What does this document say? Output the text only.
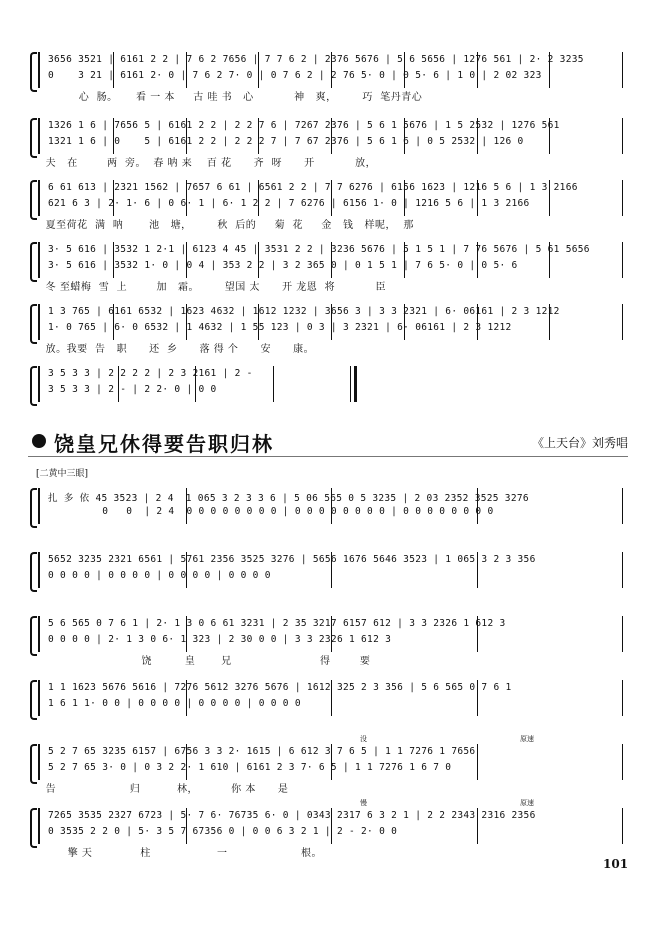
3656 3521 | 6161 2 2 | 7 6 2 7656 | 7 7 6 2 | 2376 5676 | 5 6 5656 | 1276 561 | 2· 2 3235
0    3 21 | 6161 2· 0 | 7 6 2 7· 0 | 0 7 6 2 | 2 76 5· 0 | 0 5· 6 | 1 0 | 2 02 323
心  肠。     看 一 本     古 哇 书   心           神   爽，       巧  笔丹青心
1326 1 6 | 7656 5 | 6161 2 2 | 2 2 7 6 | 7267 2376 | 5 6 1 5676 | 1 5 2532 | 1276 561
1321 1 6 | 0    5 | 6161 2 2 | 2 2 2 7 | 7 67 2376 | 5 6 1 6 | 0 5 2532 | 126 0
夫   在        两  旁。  春 呐 来    百 花      齐  呀      开           放，
6 61 613 | 2321 1562 | 7657 6 61 | 6561 2 2 | 7 7 6276 | 6156 1623 | 1216 5 6 | 1 3 2166
621 6 3 | 2· 1· 6 | 0 6· 1 | 6· 1 2 2 | 7 6276 | 6156 1· 0 | 1216 5 6 | 1 3 2166
夏至荷花  满  呐       池   塘，       秋  后的     菊  花     金   钱   样呢，  那
3· 5 616 | 3532 1 2·1 | 6123 4 45 | 3531 2 2 | 3236 5676 | 5 1 5 1 | 7 76 5676 | 5 61 5656
3· 5 616 | 3532 1· 0 | 0 4 | 353 2 2 | 3 2 365 0 | 0 1 5 1 | 7 6 5· 0 | 0 5· 6
冬 至蜡梅  雪  上        加   霜。       望国 太      开 龙恩  将           臣
1 3 765 | 6161 6532 | 1623 4632 | 1612 1232 | 3656 3 | 3 3 2321 | 6· 06161 | 2 3 1212
1· 0 765 | 6· 0 6532 | 1 4632 | 1 55 123 | 0 3 | 3 2321 | 6· 06161 | 2 3 1212
放。我要  告   职      还  乡      落 得 个      安      康。
3 5 3 3 | 2 2 2 2 | 2 3 2161 | 2 -
3 5 3 3 | 2 - | 2 2· 0 | 0 0
饶皇兄休得要告职归林	《上天台》刘秀唱
[二黄中三眼]
扎 多 依 45 3523 | 2 4  1 065 3 2 3 3 6 | 5 06 565 0 5 3235 | 2 03 2352 3525 3276
0   0  | 2 4  0 0 0 0 0 0 0 0 | 0 0 0 0 0 0 0 0 | 0 0 0 0 0 0 0 0
5652 3235 2321 6561 | 5761 2356 3525 3276 | 5656 1676 5646 3523 | 1 065 3 2 3 356
0 0 0 0 | 0 0 0 0 | 0 0 0 0 | 0 0 0 0
5 6 565 0 7 6 1 | 2· 1 3 0 6 61 3231 | 2 35 3217 6157 612 | 3 3 2326 1 612 3
0 0 0 0 | 2· 1 3 0 6· 1 323 | 2 30 0 0 | 3 3 2326 1 612 3
饶         皇       兄                        得        要
1 1 1623 5676 5616 | 7276 5612 3276 5676 | 1612 325 2 3 356 | 5 6 565 0 7 6 1
1 6 1 1· 0 0 | 0 0 0 0 | 0 0 0 0 | 0 0 0 0
5 2 7 65 3235 6157 | 6756 3 3 2· 1615 | 6 612 3 7 6 5 | 1 1 7276 1 7656
5 2 7 65 3· 0 | 0 3 2 2· 1 610 | 6161 2 3 7· 6 5 | 1 1 7276 1 6 7 0
告                    归          林，         你 本      是
没	原速
7265 3535 2327 6723 | 5· 7 6· 76735 6· 0 | 0343 2317 6 3 2 1 | 2 2 2343 2316 2356
0 3535 2 2 0 | 5· 3 5 7 67356 0 | 0 0 6 3 2 1 | 2 - 2· 0 0
擎 天             柱                  一                    根。
慢	原速
101
